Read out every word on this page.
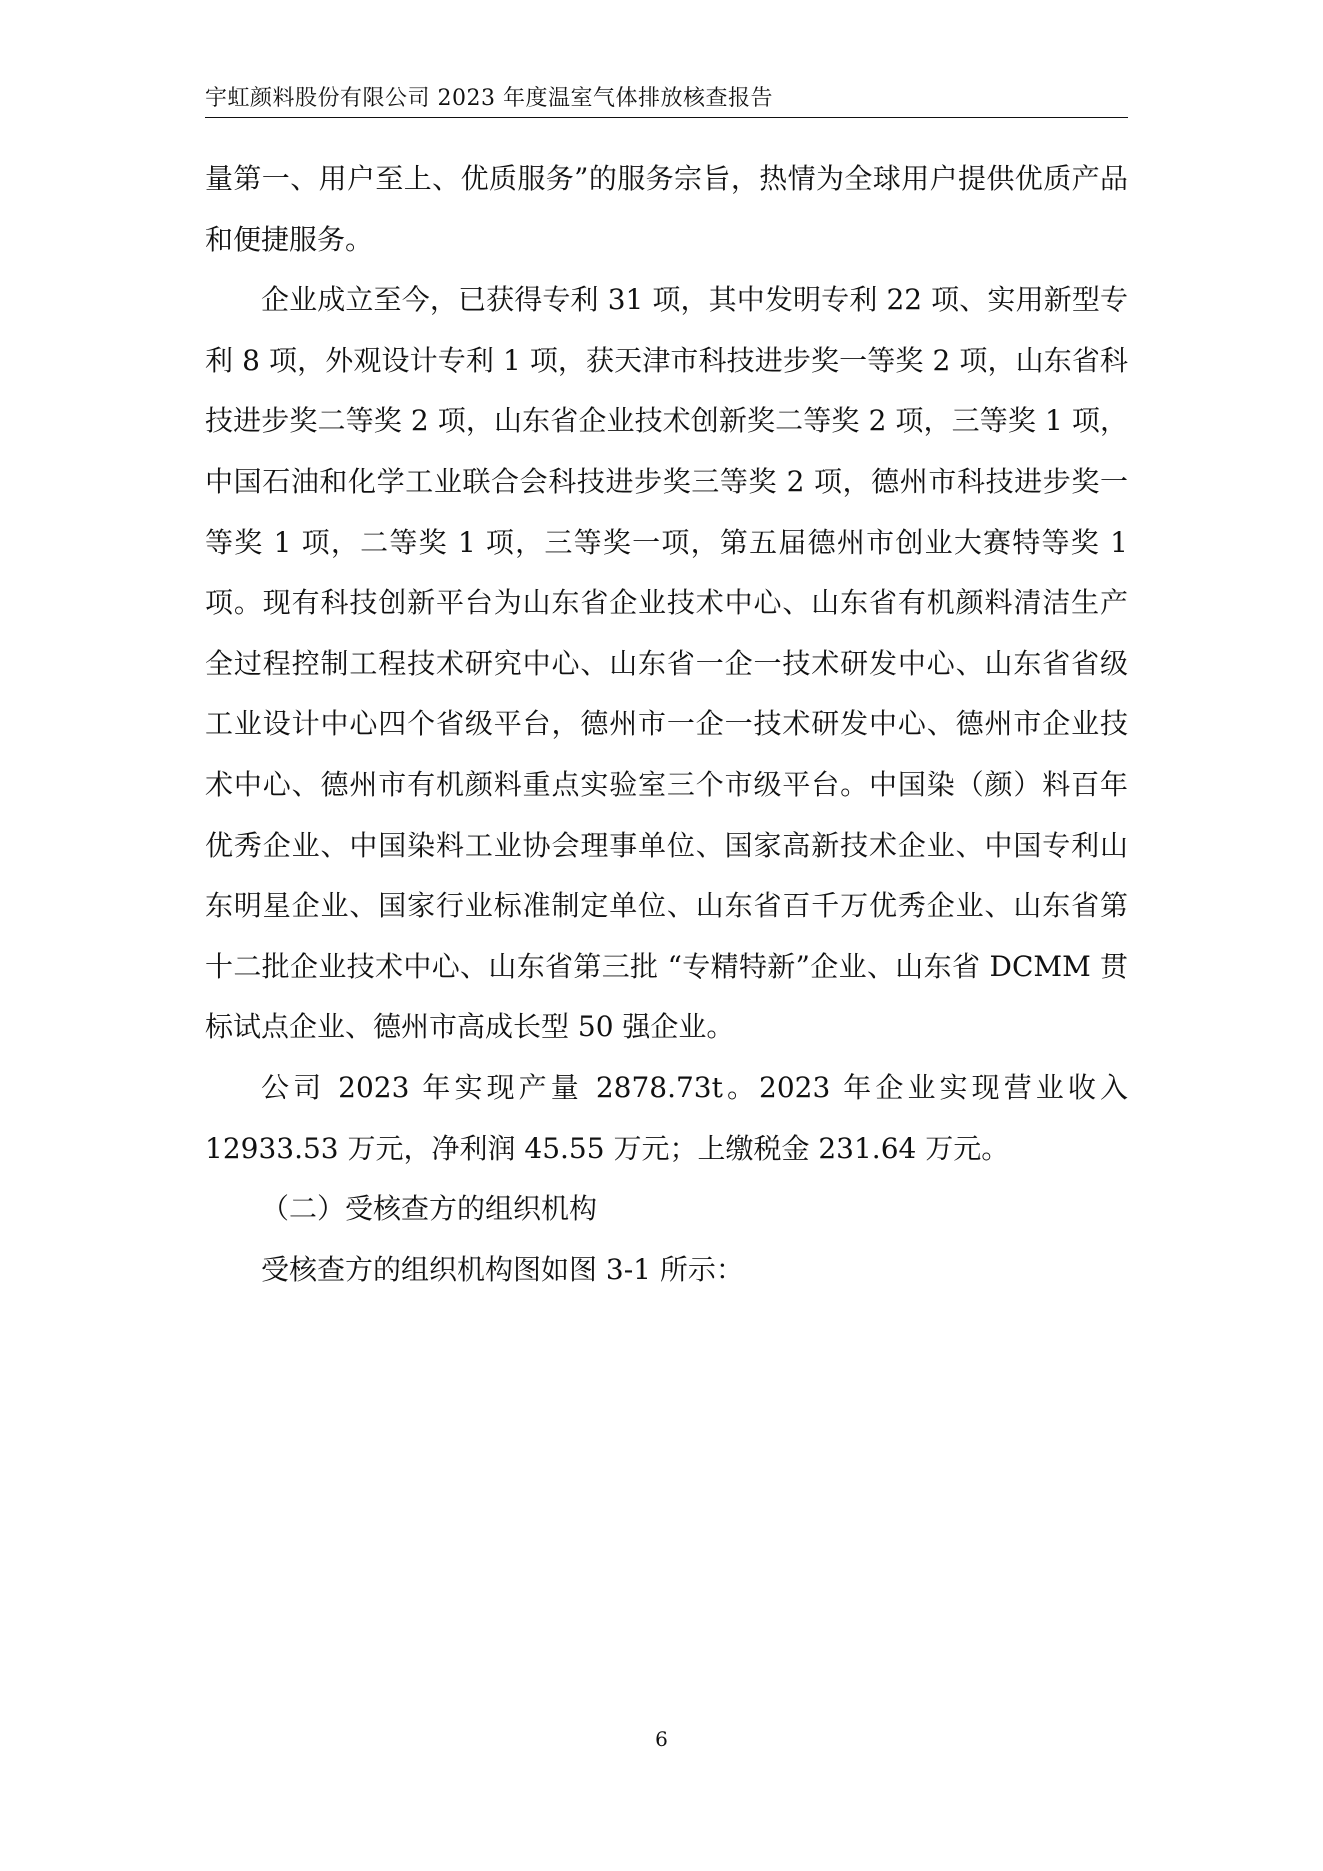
宇虹颜料股份有限公司 2023 年度温室气体排放核查报告

量第一、用户至上、优质服务”的服务宗旨，热情为全球用户提供优质产品和便捷服务。

企业成立至今，已获得专利 31 项，其中发明专利 22 项、实用新型专利 8 项，外观设计专利 1 项，获天津市科技进步奖一等奖 2 项，山东省科技进步奖二等奖 2 项，山东省企业技术创新奖二等奖 2 项，三等奖 1 项，中国石油和化学工业联合会科技进步奖三等奖 2 项，德州市科技进步奖一等奖 1 项，二等奖 1 项，三等奖一项，第五届德州市创业大赛特等奖 1 项。现有科技创新平台为山东省企业技术中心、山东省有机颜料清洁生产全过程控制工程技术研究中心、山东省一企一技术研发中心、山东省省级工业设计中心四个省级平台，德州市一企一技术研发中心、德州市企业技术中心、德州市有机颜料重点实验室三个市级平台。中国染（颜）料百年优秀企业、中国染料工业协会理事单位、国家高新技术企业、中国专利山东明星企业、国家行业标准制定单位、山东省百千万优秀企业、山东省第十二批企业技术中心、山东省第三批 “专精特新”企业、山东省 DCMM 贯标试点企业、德州市高成长型 50 强企业。

公司 2023 年实现产量 2878.73t。2023 年企业实现营业收入 12933.53 万元，净利润 45.55 万元；上缴税金 231.64 万元。

（二）受核查方的组织机构

受核查方的组织机构图如图 3-1 所示：

6
